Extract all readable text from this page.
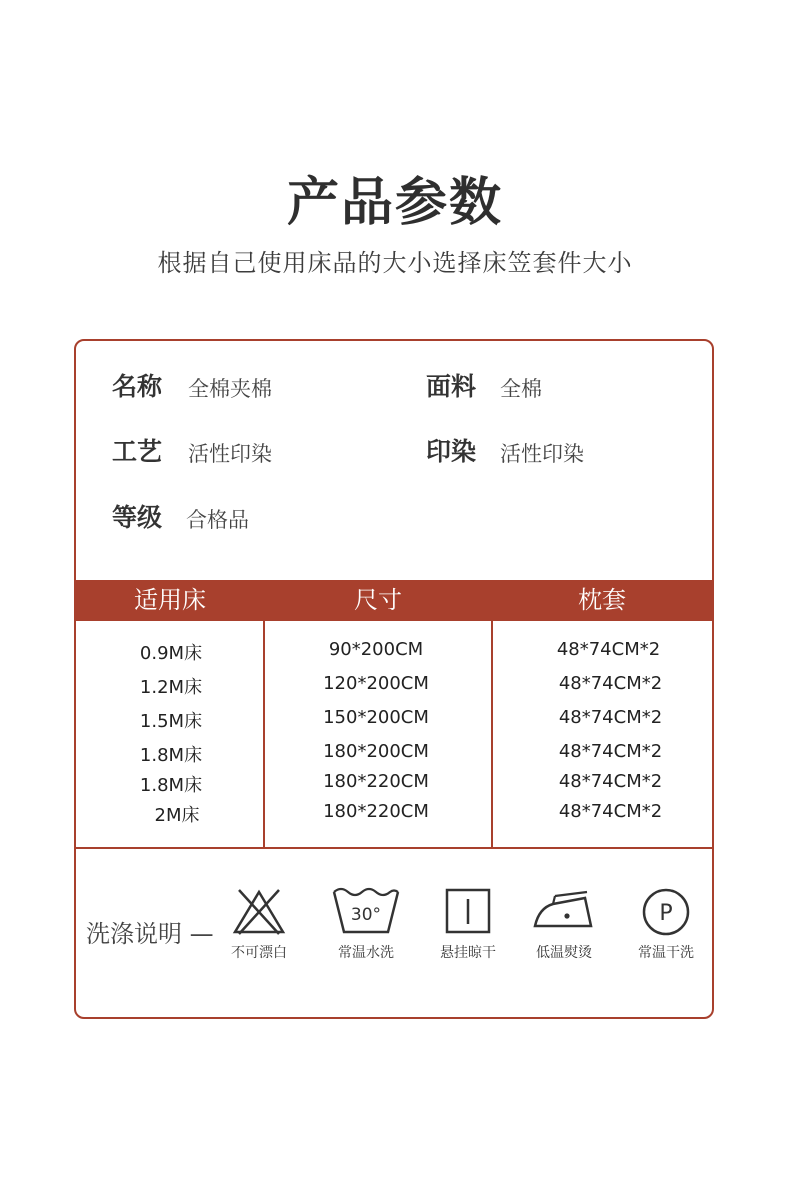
产品参数
根据自己使用床品的大小选择床笠套件大小
名称 全棉夹棉	面料 全棉
工艺 活性印染	印染 活性印染
等级 合格品
适用床	尺寸	枕套
0.9M床	90*200CM	48*74CM*2
1.2M床	120*200CM	48*74CM*2
1.5M床	150*200CM	48*74CM*2
1.8M床	180*200CM	48*74CM*2
1.8M床	180*220CM	48*74CM*2
2M床	180*220CM	48*74CM*2
洗涤说明 —
不可漂白
30°
常温水洗	悬挂晾干	低温熨烫
P
常温干洗
